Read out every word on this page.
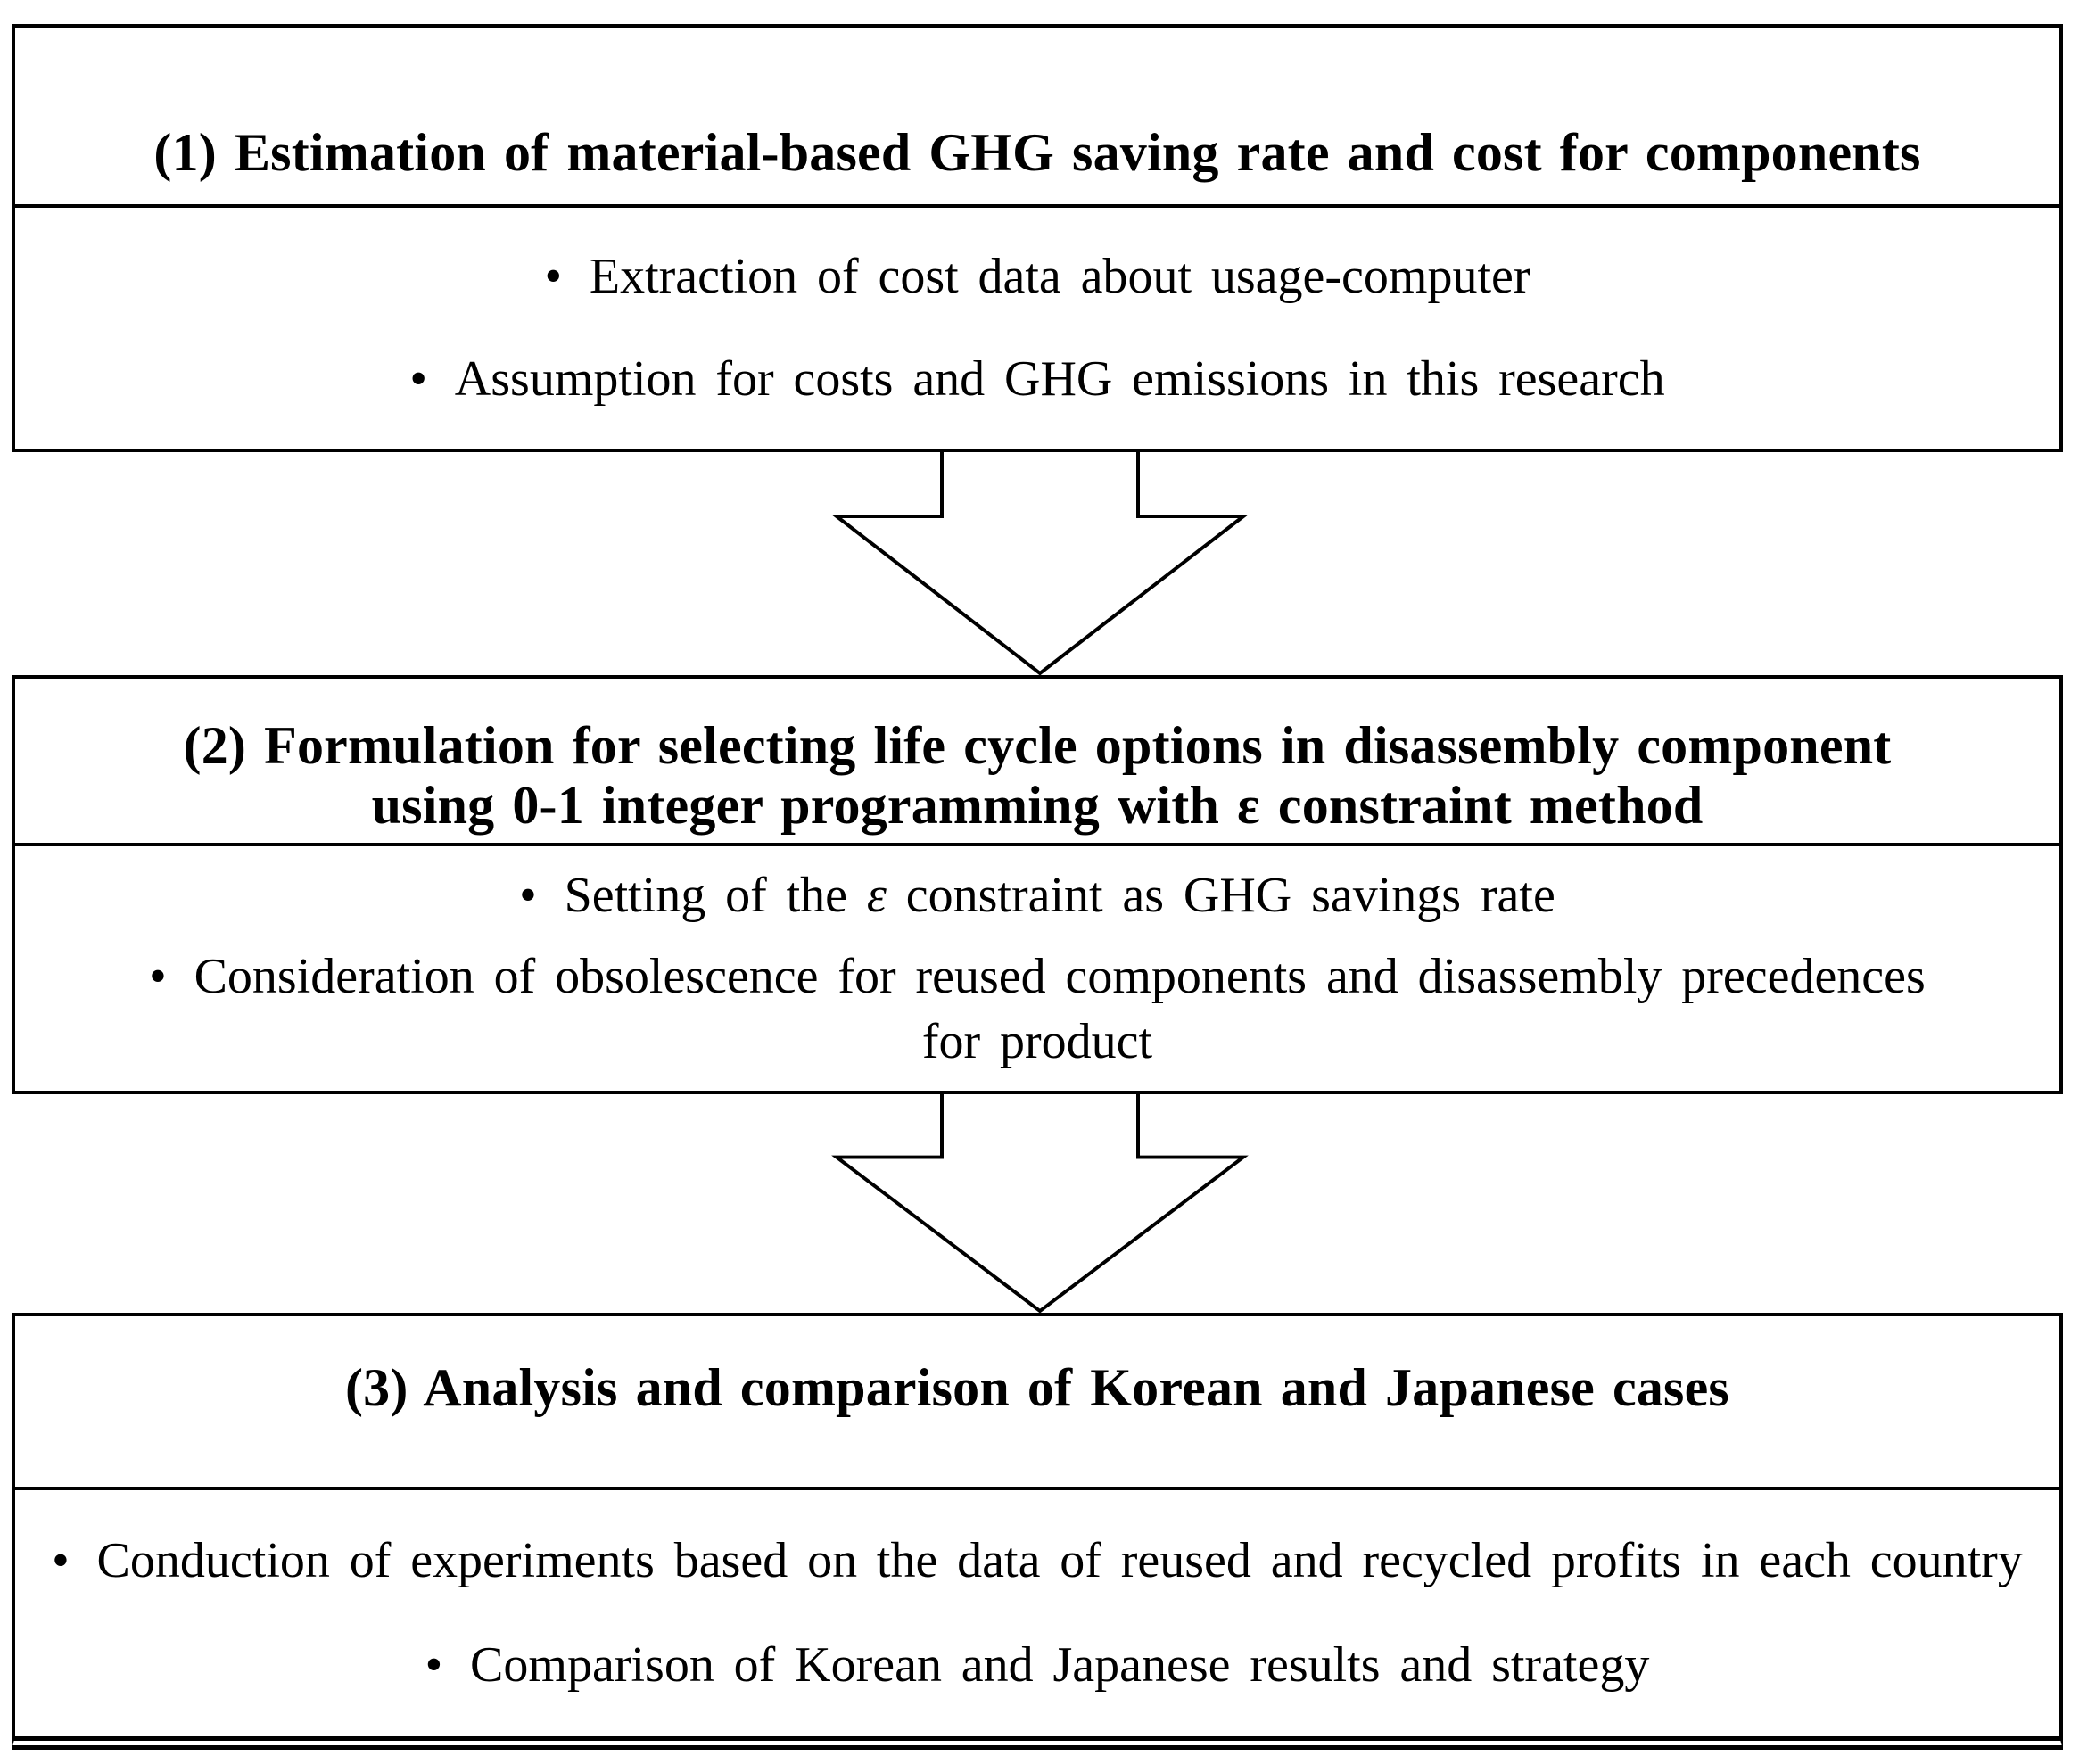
(1) Estimation of material-based GHG saving rate and cost for components

• Extraction of cost data about usage-computer

• Assumption for costs and GHG emissions in this research

(2) Formulation for selecting life cycle options in disassembly component
using 0-1 integer programming with ε constraint method

• Setting of the ε constraint as GHG savings rate

• Consideration of obsolescence for reused components and disassembly precedences for product

(3) Analysis and comparison of Korean and Japanese cases

• Conduction of experiments based on the data of reused and recycled profits in each country

• Comparison of Korean and Japanese results and strategy
